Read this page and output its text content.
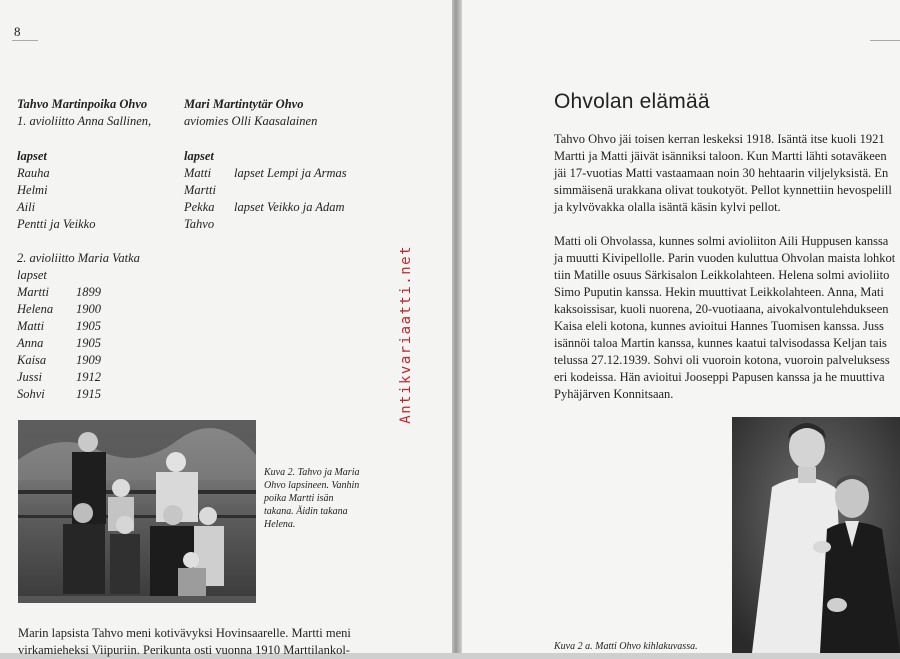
8
Tahvo Martinpoika Ohvo
1. avioliitto Anna Sallinen,
lapset
Rauha
Helmi
Aili
Pentti ja Veikko
2. avioliitto Maria Vatka
lapset
Martti 1899
Helena 1900
Matti	1905
Anna	1905
Kaisa 1909
Jussi	1912
Sohvi 1915
Mari Martintytär Ohvo
aviomies Olli Kaasalainen
lapset
Matti lapset Lempi ja Armas
Martti
Pekka lapset Veikko ja Adam
Tahvo
Kuva 2. Tahvo ja Maria
Ohvo lapsineen. Vanhin
poika Martti isän
takana. Äidin takana
Helena.
Marin lapsista Tahvo meni kotivävyksi Hovinsaarelle. Martti meni
virkamieheksi Viipuriin. Perikunta osti vuonna 1910 Marttilankol-
Antikvariaatti.net
Ohvolan elämää
Tahvo Ohvo jäi toisen kerran leskeksi 1918. Isäntä itse kuoli 1921
Martti ja Matti jäivät isänniksi taloon. Kun Martti lähti sotaväkeen
jäi 17-vuotias Matti vastaamaan noin 30 hehtaarin viljelyksistä. En
simmäisenä urakkana olivat toukotyöt. Pellot kynnettiin hevospelill
ja kylvövakka olalla isäntä käsin kylvi pellot.
Matti oli Ohvolassa, kunnes solmi avioliiton Aili Huppusen kanssa
ja muutti Kivipellolle. Parin vuoden kuluttua Ohvolan maista lohkot
tiin Matille osuus Särkisalon Leikkolahteen. Helena solmi avioliito
Simo Puputin kanssa. Hekin muuttivat Leikkolahteen. Anna, Mati
kaksoissisar, kuoli nuorena, 20-vuotiaana, aivokalvontulehdukseen
Kaisa eleli kotona, kunnes avioitui Hannes Tuomisen kanssa. Juss
isännöi taloa Martin kanssa, kunnes kaatui talvisodassa Keljan tais
telussa 27.12.1939. Sohvi oli vuoroin kotona, vuoroin palveluksess
eri kodeissa. Hän avioitui Jooseppi Papusen kanssa ja he muuttiva
Pyhäjärven Konnitsaan.
Kuva 2 a. Matti Ohvo kihlakuvassa.
